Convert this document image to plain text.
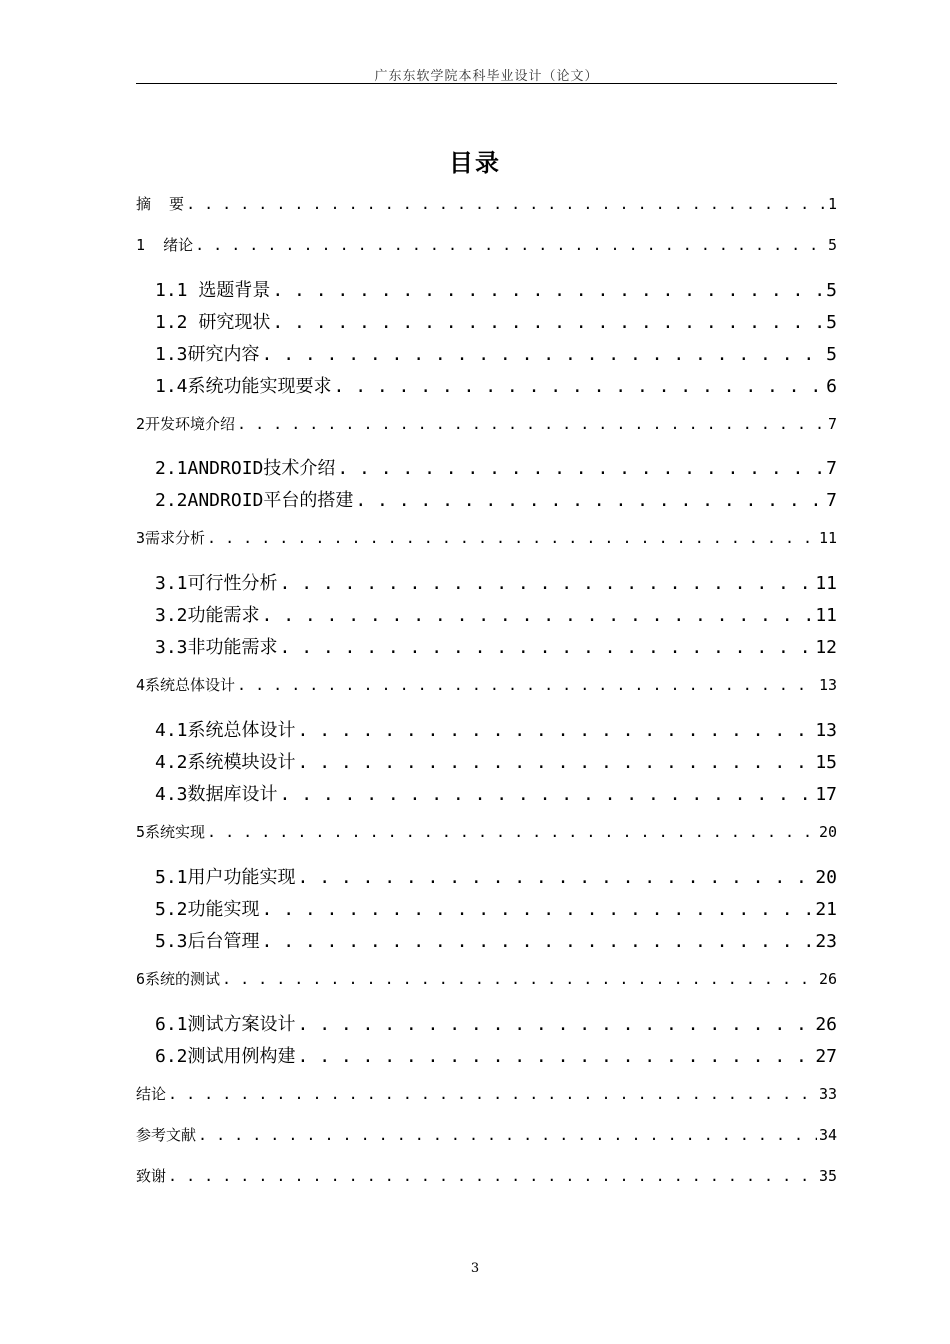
广东东软学院本科毕业设计（论文）
目录
摘  要 . . .	1
1  绪论 . . .	5
1.1 选题背景 . . .	5
1.2 研究现状 . . .	5
1.3研究内容 . . .	5
1.4系统功能实现要求 . . .	6
2开发环境介绍 . . .	7
2.1ANDROID技术介绍 . . .	7
2.2ANDROID平台的搭建 . . .	7
3需求分析 . . .	11
3.1可行性分析 . . .	11
3.2功能需求 . . .	11
3.3非功能需求 . . .	12
4系统总体设计 . . .	13
4.1系统总体设计 . . .	13
4.2系统模块设计 . . .	15
4.3数据库设计 . . .	17
5系统实现 . . .	20
5.1用户功能实现 . . .	20
5.2功能实现 . . .	21
5.3后台管理 . . .	23
6系统的测试 . . .	26
6.1测试方案设计 . . .	26
6.2测试用例构建 . . .	27
结论 . . .	33
参考文献 . . .	34
致谢 . . .	35
3
